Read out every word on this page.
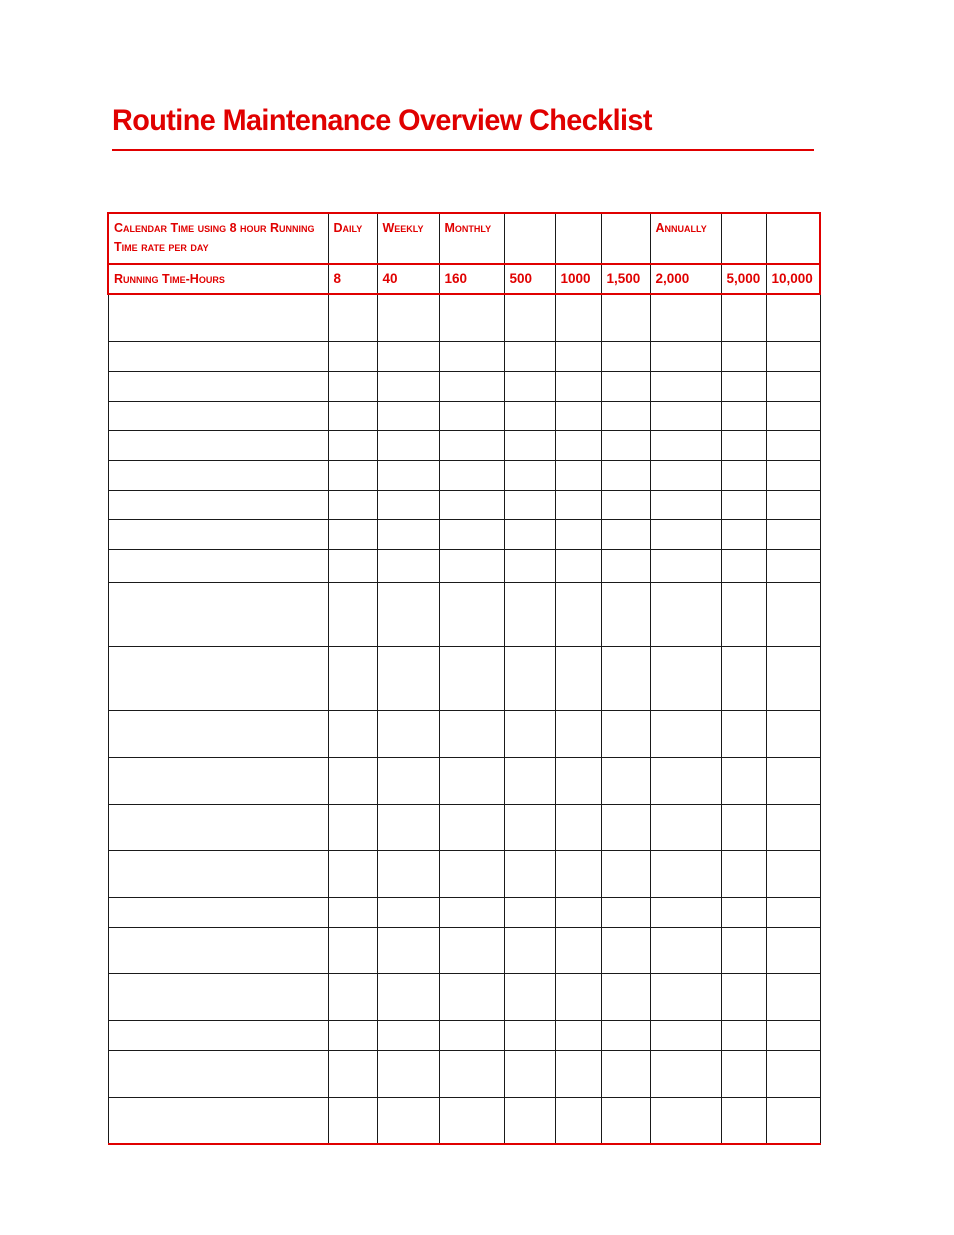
Routine Maintenance Overview Checklist
Calendar Time using 8 hour Running Time rate per day	Daily	Weekly	Monthly				Annually		

Running Time-Hours	8	40	160	500	1000	1,500	2,000	5,000	10,000
